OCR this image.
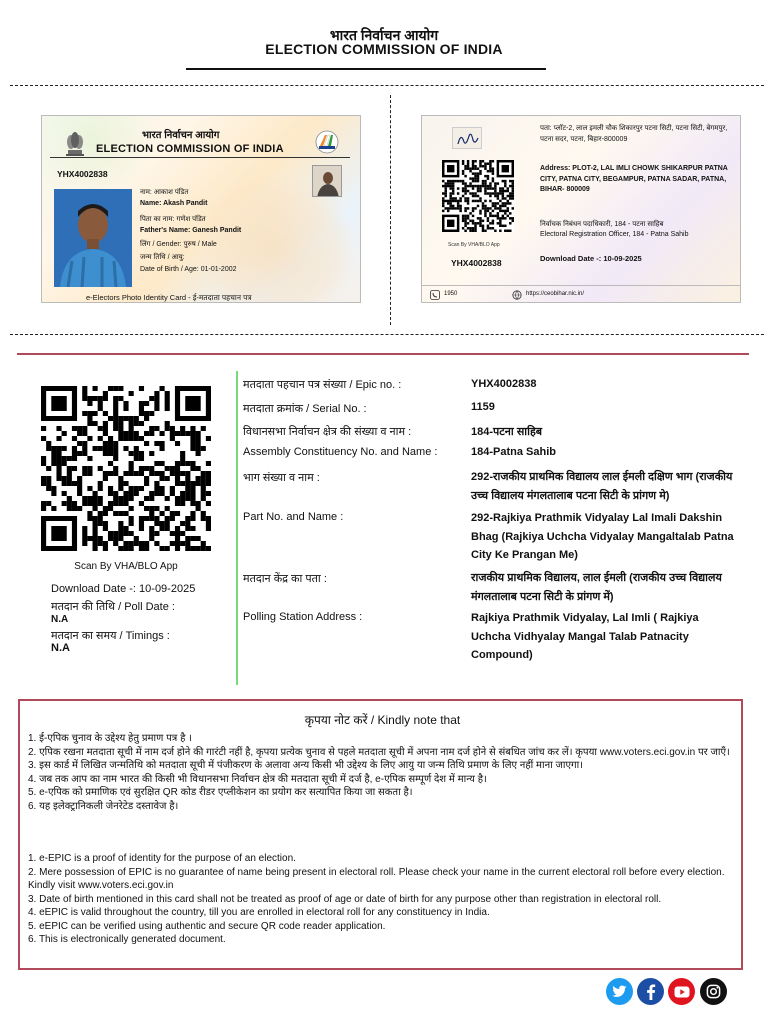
भारत निर्वाचन आयोग
ELECTION COMMISSION OF INDIA
भारत निर्वाचन आयोग
ELECTION COMMISSION OF INDIA
YHX4002838
नाम: आकाश पंडित
Name: Akash Pandit
पिता का नाम: गणेश पंडित
Father's Name: Ganesh Pandit
लिंग / Gender: पुरुष / Male
जन्म तिथि / आयु:
Date of Birth / Age: 01-01-2002
e-Electors Photo Identity Card - ई-मतदाता पहचान पत्र
पता: प्लॉट-2, लाल इमली चौक शिकारपुर पटना सिटी, पटना सिटी, बेगमपुर, पटना सदर, पटना, बिहार-800009
Address: PLOT-2, LAL IMLI CHOWK SHIKARPUR PATNA CITY, PATNA CITY, BEGAMPUR, PATNA SADAR, PATNA, BIHAR- 800009
Scan By VHA/BLO App
YHX4002838
निर्वाचक निबंधन पदाधिकारी, 184 - पटना साहिब
Electoral Registration Officer, 184 - Patna Sahib
Download Date -: 10-09-2025
1950	https://ceobihar.nic.in/
Scan By VHA/BLO App
Download Date -: 10-09-2025
मतदान की तिथि / Poll Date :
N.A
मतदान का समय / Timings :
N.A
मतदाता पहचान पत्र संख्या / Epic no. :	YHX4002838
मतदाता क्रमांक / Serial No. :	1159
विधानसभा निर्वाचन क्षेत्र की संख्या व नाम :	184-पटना साहिब
Assembly Constituency No. and Name :	184-Patna Sahib
भाग संख्या व नाम :	292-राजकीय प्राथमिक विद्यालय लाल ईमली दक्षिण भाग (राजकीय उच्च विद्यालय मंगलतालाब पटना सिटी के प्रांगण मे)
Part No. and Name :	292-Rajkiya Prathmik Vidyalay Lal Imali Dakshin Bhag (Rajkiya Uchcha Vidyalay Mangaltalab Patna City Ke Prangan Me)
मतदान केंद्र का पता :	राजकीय प्राथमिक विद्यालय, लाल ईमली (राजकीय उच्च विद्यालय मंगलतालाब पटना सिटी के प्रांगण में)
Polling Station Address :	Rajkiya Prathmik Vidyalay, Lal Imli ( Rajkiya Uchcha Vidhyalay Mangal Talab Patnacity Compound)
कृपया नोट करें / Kindly note that
1. ई-एपिक चुनाव के उद्देश्य हेतु प्रमाण पत्र है ।
2. एपिक रखना मतदाता सूची में नाम दर्ज होने की गारंटी नहीं है, कृपया प्रत्येक चुनाव से पहले मतदाता सूची में अपना नाम दर्ज होने से संबधित जांच कर लें। कृपया www.voters.eci.gov.in पर जाएँ।
3. इस कार्ड में लिखित जन्मतिथि को मतदाता सूची में पंजीकरण के अलावा अन्य किसी भी उद्देश्य के लिए आयु या जन्म तिथि प्रमाण के लिए नहीं माना जाएगा।
4. जब तक आप का नाम भारत की किसी भी विधानसभा निर्वाचन क्षेत्र की मतदाता सूची में दर्ज है, e-एपिक सम्पूर्ण देश में मान्य है।
5. e-एपिक को प्रमाणिक एवं सुरक्षित QR कोड रीडर एप्लीकेशन का प्रयोग कर सत्यापित किया जा सकता है।
6. यह इलेक्ट्रानिकली जेनरेटेड दस्तावेज है।
1. e-EPIC is a proof of identity for the purpose of an election.
2. Mere possession of EPIC is no guarantee of name being present in electoral roll. Please check your name in the current electoral roll before every election. Kindly visit www.voters.eci.gov.in
3. Date of birth mentioned in this card shall not be treated as proof of age or date of birth for any purpose other than registration in electoral roll.
4. eEPIC is valid throughout the country, till you are enrolled in electoral roll for any constituency in India.
5. eEPIC can be verified using authentic and secure QR code reader application.
6. This is electronically generated document.
